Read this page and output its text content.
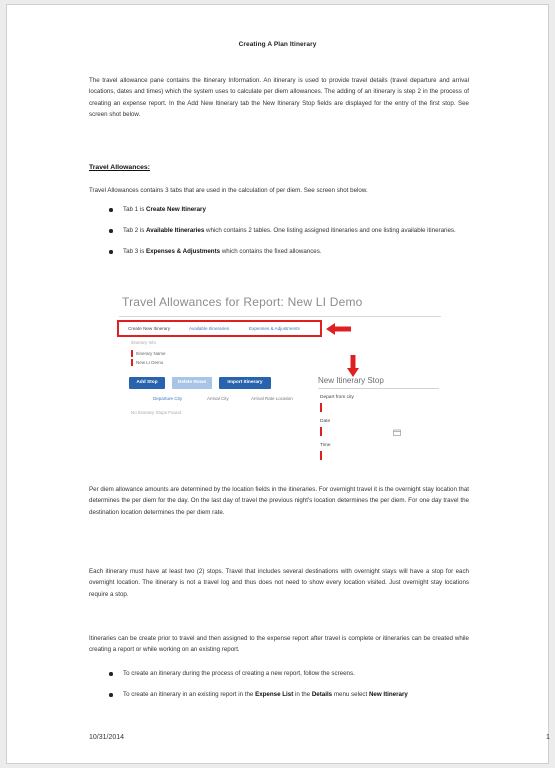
Creating A Plan Itinerary
The travel allowance pane contains the Itinerary Information. An itinerary is used to provide travel details (travel departure and arrival locations, dates and times) which the system uses to calculate per diem allowances. The adding of an itinerary is step 2 in the process of creating an expense report. In the Add New Itinerary tab the New Itinerary Stop fields are displayed for the entry of the first stop. See screen shot below.
Travel Allowances:
Travel Allowances contains 3 tabs that are used in the calculation of per diem. See screen shot below.
Tab 1 is Create New Itinerary
Tab 2 is Available Itineraries which contains 2 tables. One listing assigned itineraries and one listing available itineraries.
Tab 3 is Expenses & Adjustments which contains the fixed allowances.
Travel Allowances for Report: New LI Demo
Create New Itinerary	Available Itineraries	Expenses & Adjustments
Itinerary Info
Itinerary Name
New LI Demo
Add Stop	Delete Rows	Import Itinerary
Departure City	Arrival City	Arrival Rate Location
No Itinerary Stops Found
New Itinerary Stop
Depart from city
Date
Time
Per diem allowance amounts are determined by the location fields in the itineraries. For overnight travel it is the overnight stay location that determines the per diem for the day. On the last day of travel the previous night's location determines the per diem. For one day travel the destination location determines the per diem rate.
Each itinerary must have at least two (2) stops. Travel that includes several destinations with overnight stays will have a stop for each overnight location. The itinerary is not a travel log and thus does not need to show every location visited. Just overnight stay locations require a stop.
Itineraries can be create prior to travel and then assigned to the expense report after travel is complete or itineraries can be created while creating a report or while working on an existing report.
To create an itinerary during the process of creating a new report, follow the screens.
To create an itinerary in an existing report in the Expense List in the Details menu select New Itinerary
10/31/2014	1
